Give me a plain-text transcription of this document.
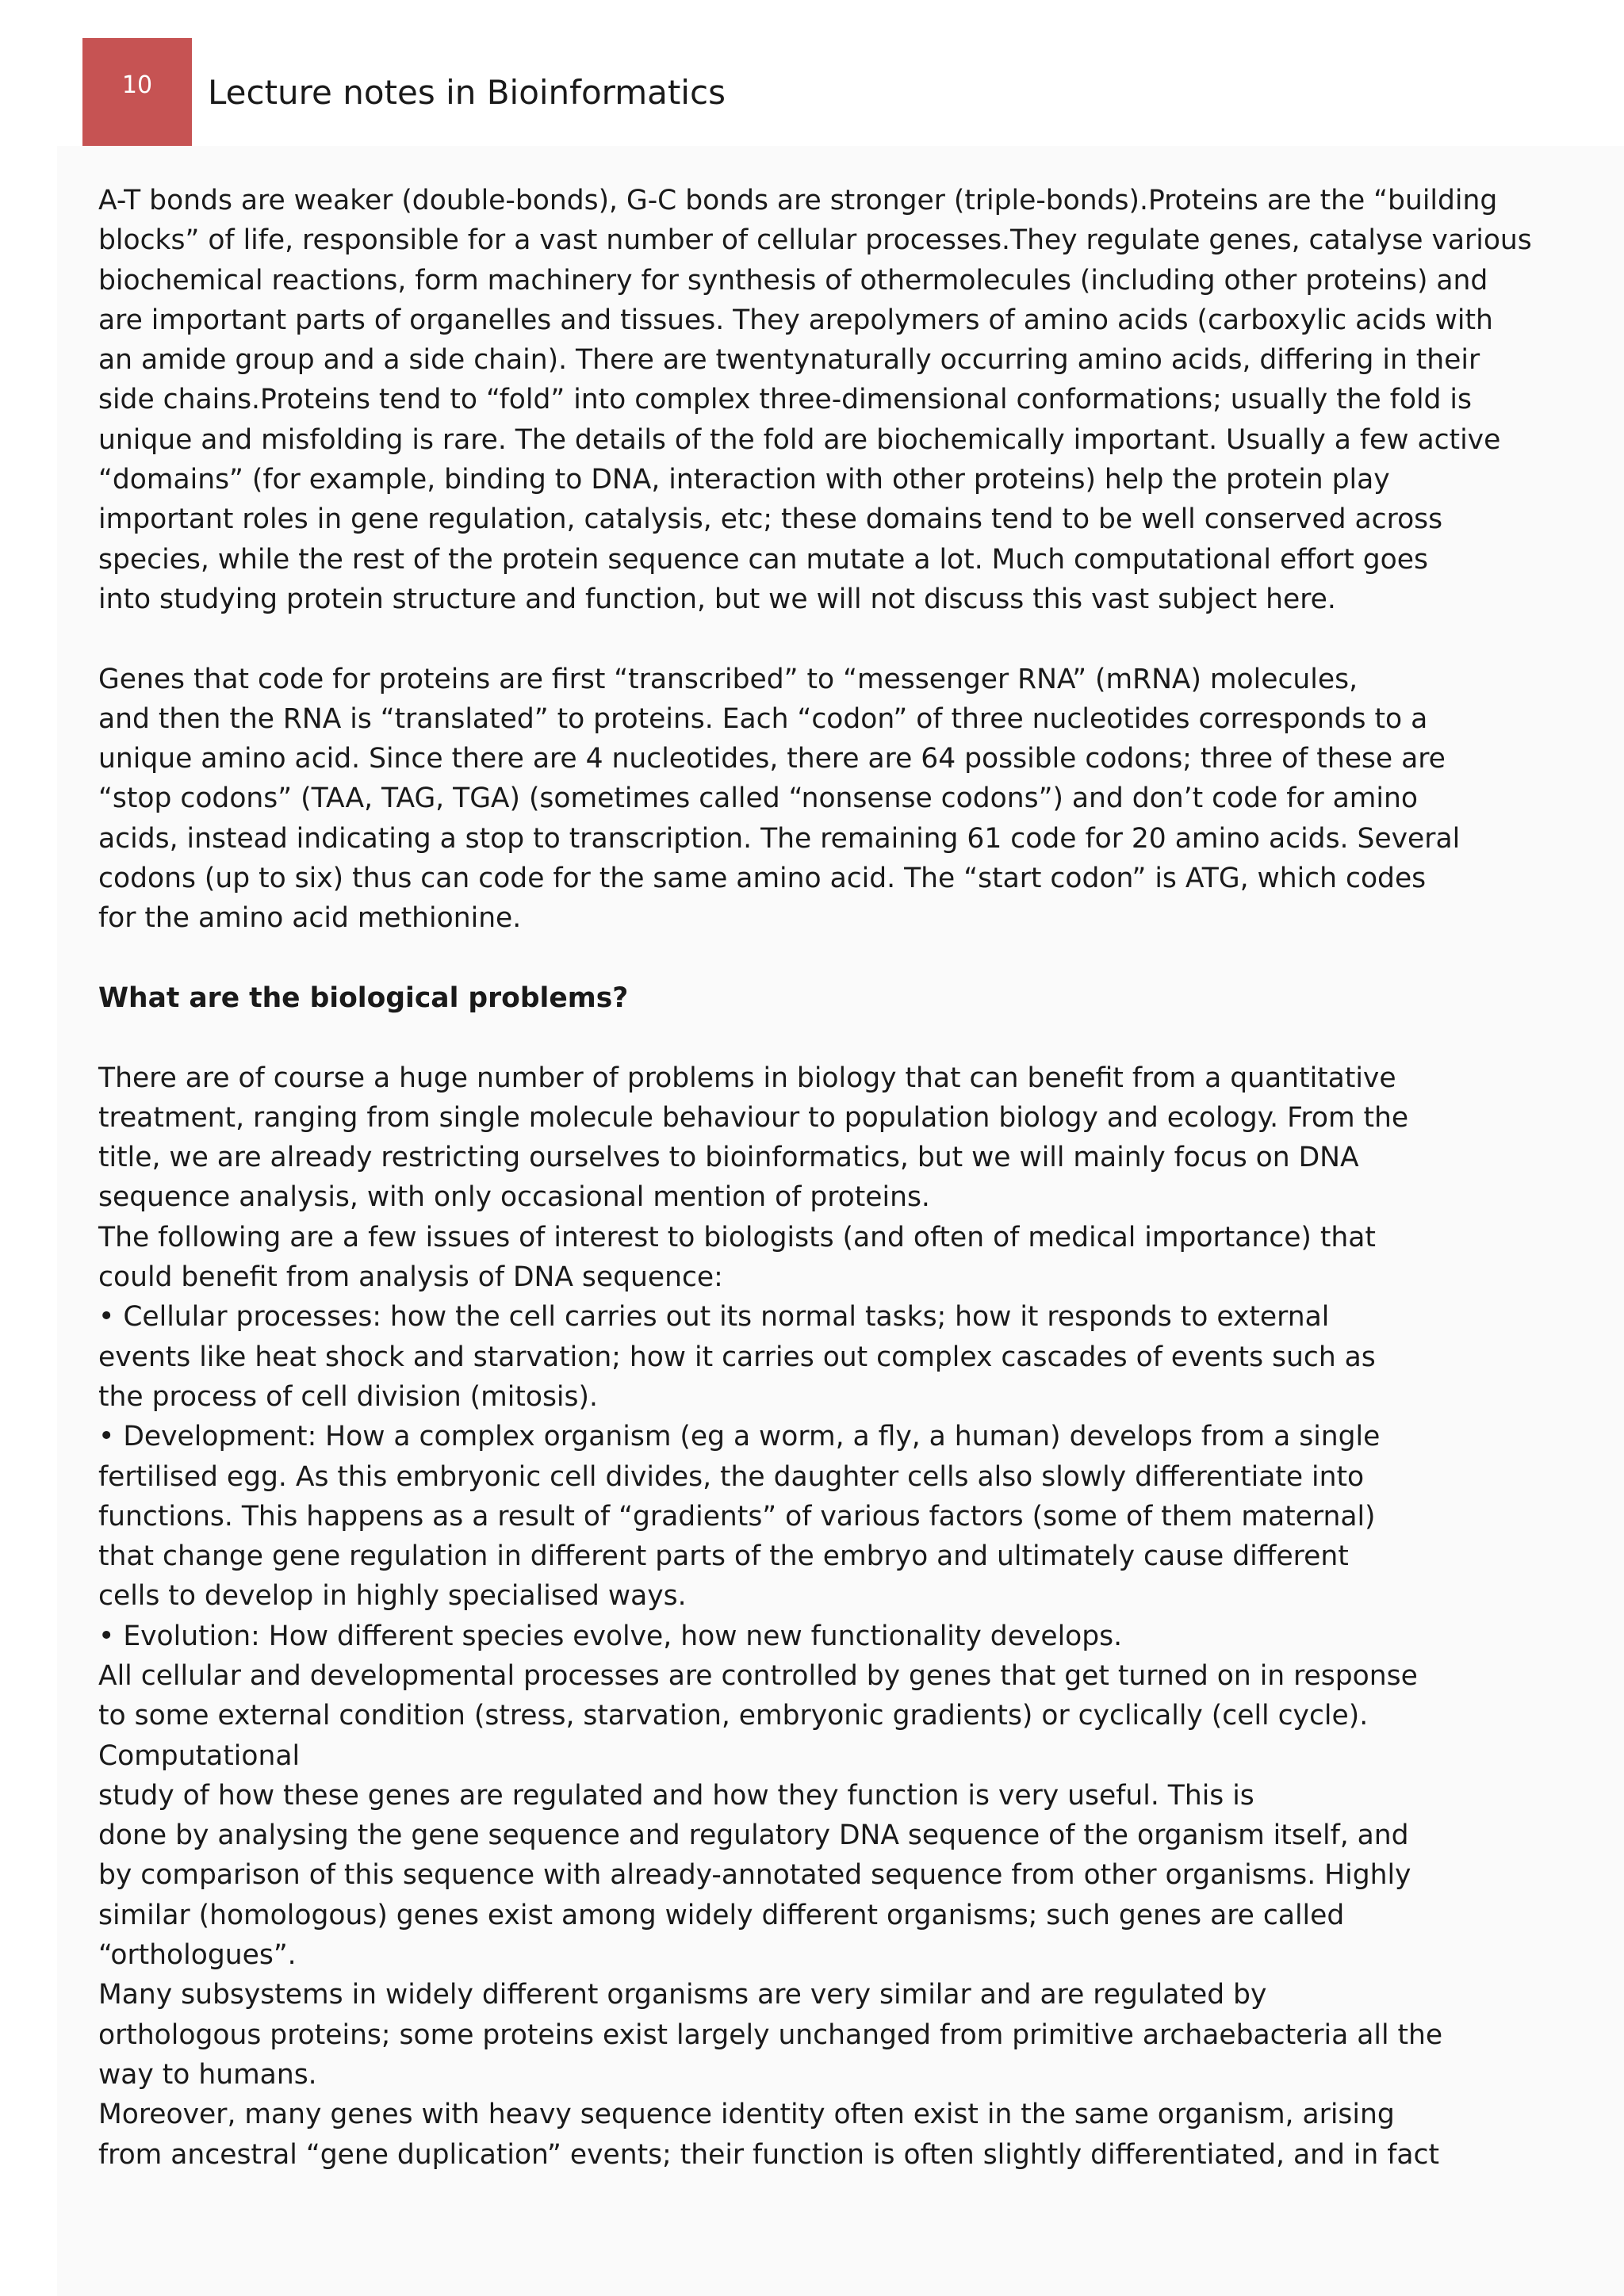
10 Lecture notes in Bioinformatics
A-T bonds are weaker (double-bonds), G-C bonds are stronger (triple-bonds).Proteins are the “building
blocks” of life, responsible for a vast number of cellular processes.They regulate genes, catalyse various
biochemical reactions, form machinery for synthesis of othermolecules (including other proteins) and
are important parts of organelles and tissues. They arepolymers of amino acids (carboxylic acids with
an amide group and a side chain). There are twentynaturally occurring amino acids, differing in their
side chains.Proteins tend to “fold” into complex three-dimensional conformations; usually the fold is
unique and misfolding is rare. The details of the fold are biochemically important. Usually a few active
“domains” (for example, binding to DNA, interaction with other proteins) help the protein play
important roles in gene regulation, catalysis, etc; these domains tend to be well conserved across
species, while the rest of the protein sequence can mutate a lot. Much computational effort goes
into studying protein structure and function, but we will not discuss this vast subject here.
Genes that code for proteins are first “transcribed” to “messenger RNA” (mRNA) molecules,
and then the RNA is “translated” to proteins. Each “codon” of three nucleotides corresponds to a
unique amino acid. Since there are 4 nucleotides, there are 64 possible codons; three of these are
“stop codons” (TAA, TAG, TGA) (sometimes called “nonsense codons”) and don’t code for amino
acids, instead indicating a stop to transcription. The remaining 61 code for 20 amino acids. Several
codons (up to six) thus can code for the same amino acid. The “start codon” is ATG, which codes
for the amino acid methionine.
What are the biological problems?
There are of course a huge number of problems in biology that can benefit from a quantitative
treatment, ranging from single molecule behaviour to population biology and ecology. From the
title, we are already restricting ourselves to bioinformatics, but we will mainly focus on DNA
sequence analysis, with only occasional mention of proteins.
The following are a few issues of interest to biologists (and often of medical importance) that
could benefit from analysis of DNA sequence:
• Cellular processes: how the cell carries out its normal tasks; how it responds to external
events like heat shock and starvation; how it carries out complex cascades of events such as
the process of cell division (mitosis).
• Development: How a complex organism (eg a worm, a fly, a human) develops from a single
fertilised egg. As this embryonic cell divides, the daughter cells also slowly differentiate into
functions. This happens as a result of “gradients” of various factors (some of them maternal)
that change gene regulation in different parts of the embryo and ultimately cause different
cells to develop in highly specialised ways.
• Evolution: How different species evolve, how new functionality develops.
All cellular and developmental processes are controlled by genes that get turned on in response
to some external condition (stress, starvation, embryonic gradients) or cyclically (cell cycle).
Computational
study of how these genes are regulated and how they function is very useful. This is
done by analysing the gene sequence and regulatory DNA sequence of the organism itself, and
by comparison of this sequence with already-annotated sequence from other organisms. Highly
similar (homologous) genes exist among widely different organisms; such genes are called
“orthologues”.
Many subsystems in widely different organisms are very similar and are regulated by
orthologous proteins; some proteins exist largely unchanged from primitive archaebacteria all the
way to humans.
Moreover, many genes with heavy sequence identity often exist in the same organism, arising
from ancestral “gene duplication” events; their function is often slightly differentiated, and in fact
